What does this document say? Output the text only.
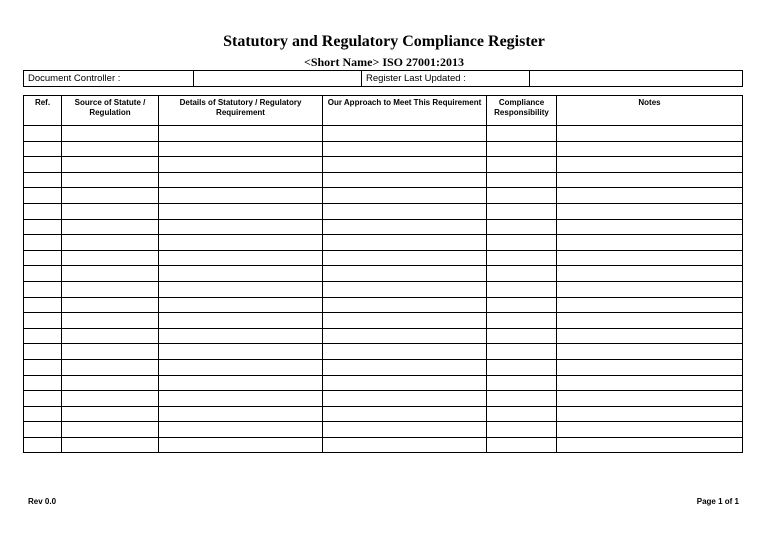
Statutory and Regulatory Compliance Register
<Short Name> ISO 27001:2013
Document Controller :		Register Last Updated :	
Ref.	Source of Statute / Regulation	Details of Statutory / Regulatory Requirement	Our Approach to Meet This Requirement	Compliance Responsibility	Notes

Rev 0.0	Page 1 of 1
